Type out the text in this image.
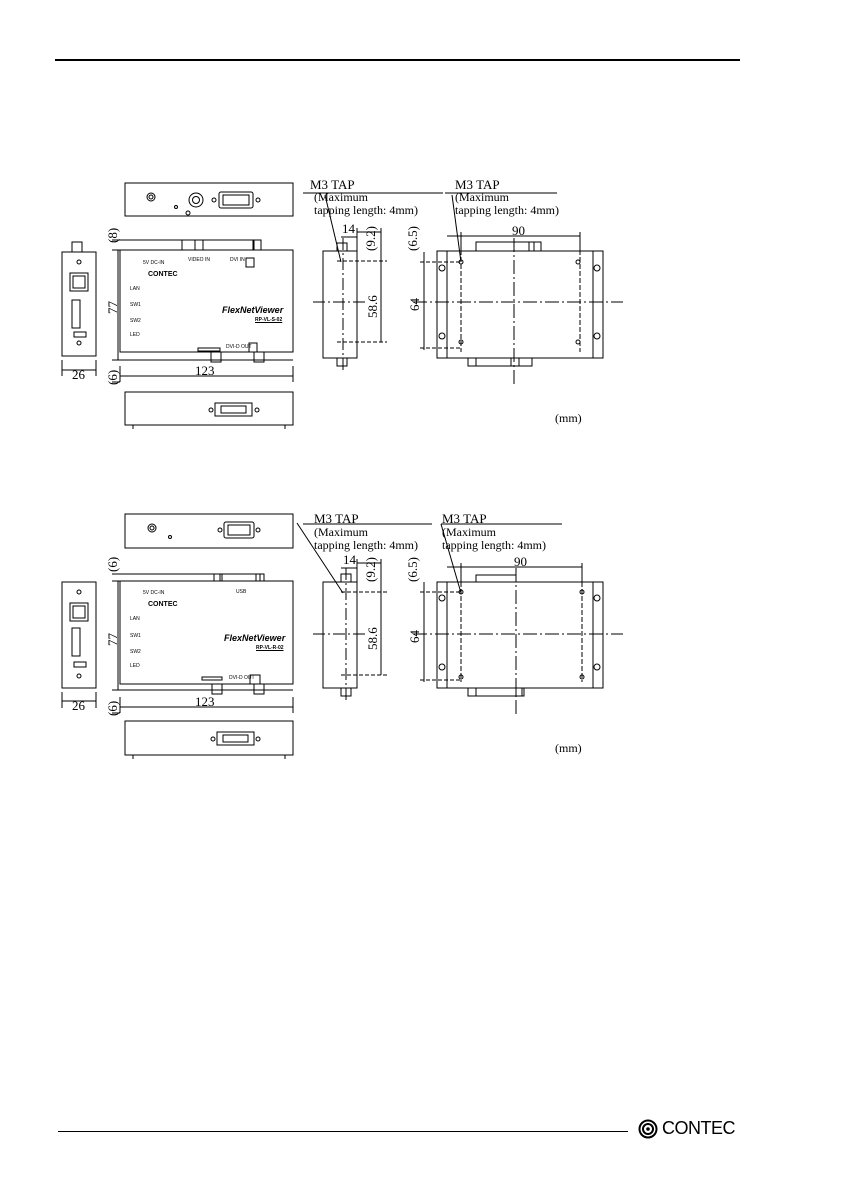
(8)
77
(6)
26	123
14 (9.2)
58.6
(6.5)
64
90
M3 TAP
(Maximum
tapping length: 4mm)
M3 TAP
(Maximum
tapping length: 4mm)
(mm)
5V DC-IN
LAN
SW1
SW2
LED
VIDEO IN	DVI IN
DVI-D OUT
CONTEC
FlexNetViewer
RP-VL-S-02
(6)
77
(6)
26	123
14 (9.2)
58.6
(6.5)
64
90
M3 TAP
(Maximum
tapping length: 4mm)
M3 TAP
(Maximum
tapping length: 4mm)
(mm)
5V DC-IN
LAN
SW1
SW2
LED
USB
DVI-D OUT
CONTEC
FlexNetViewer
RP-VL-R-02
CONTEC
